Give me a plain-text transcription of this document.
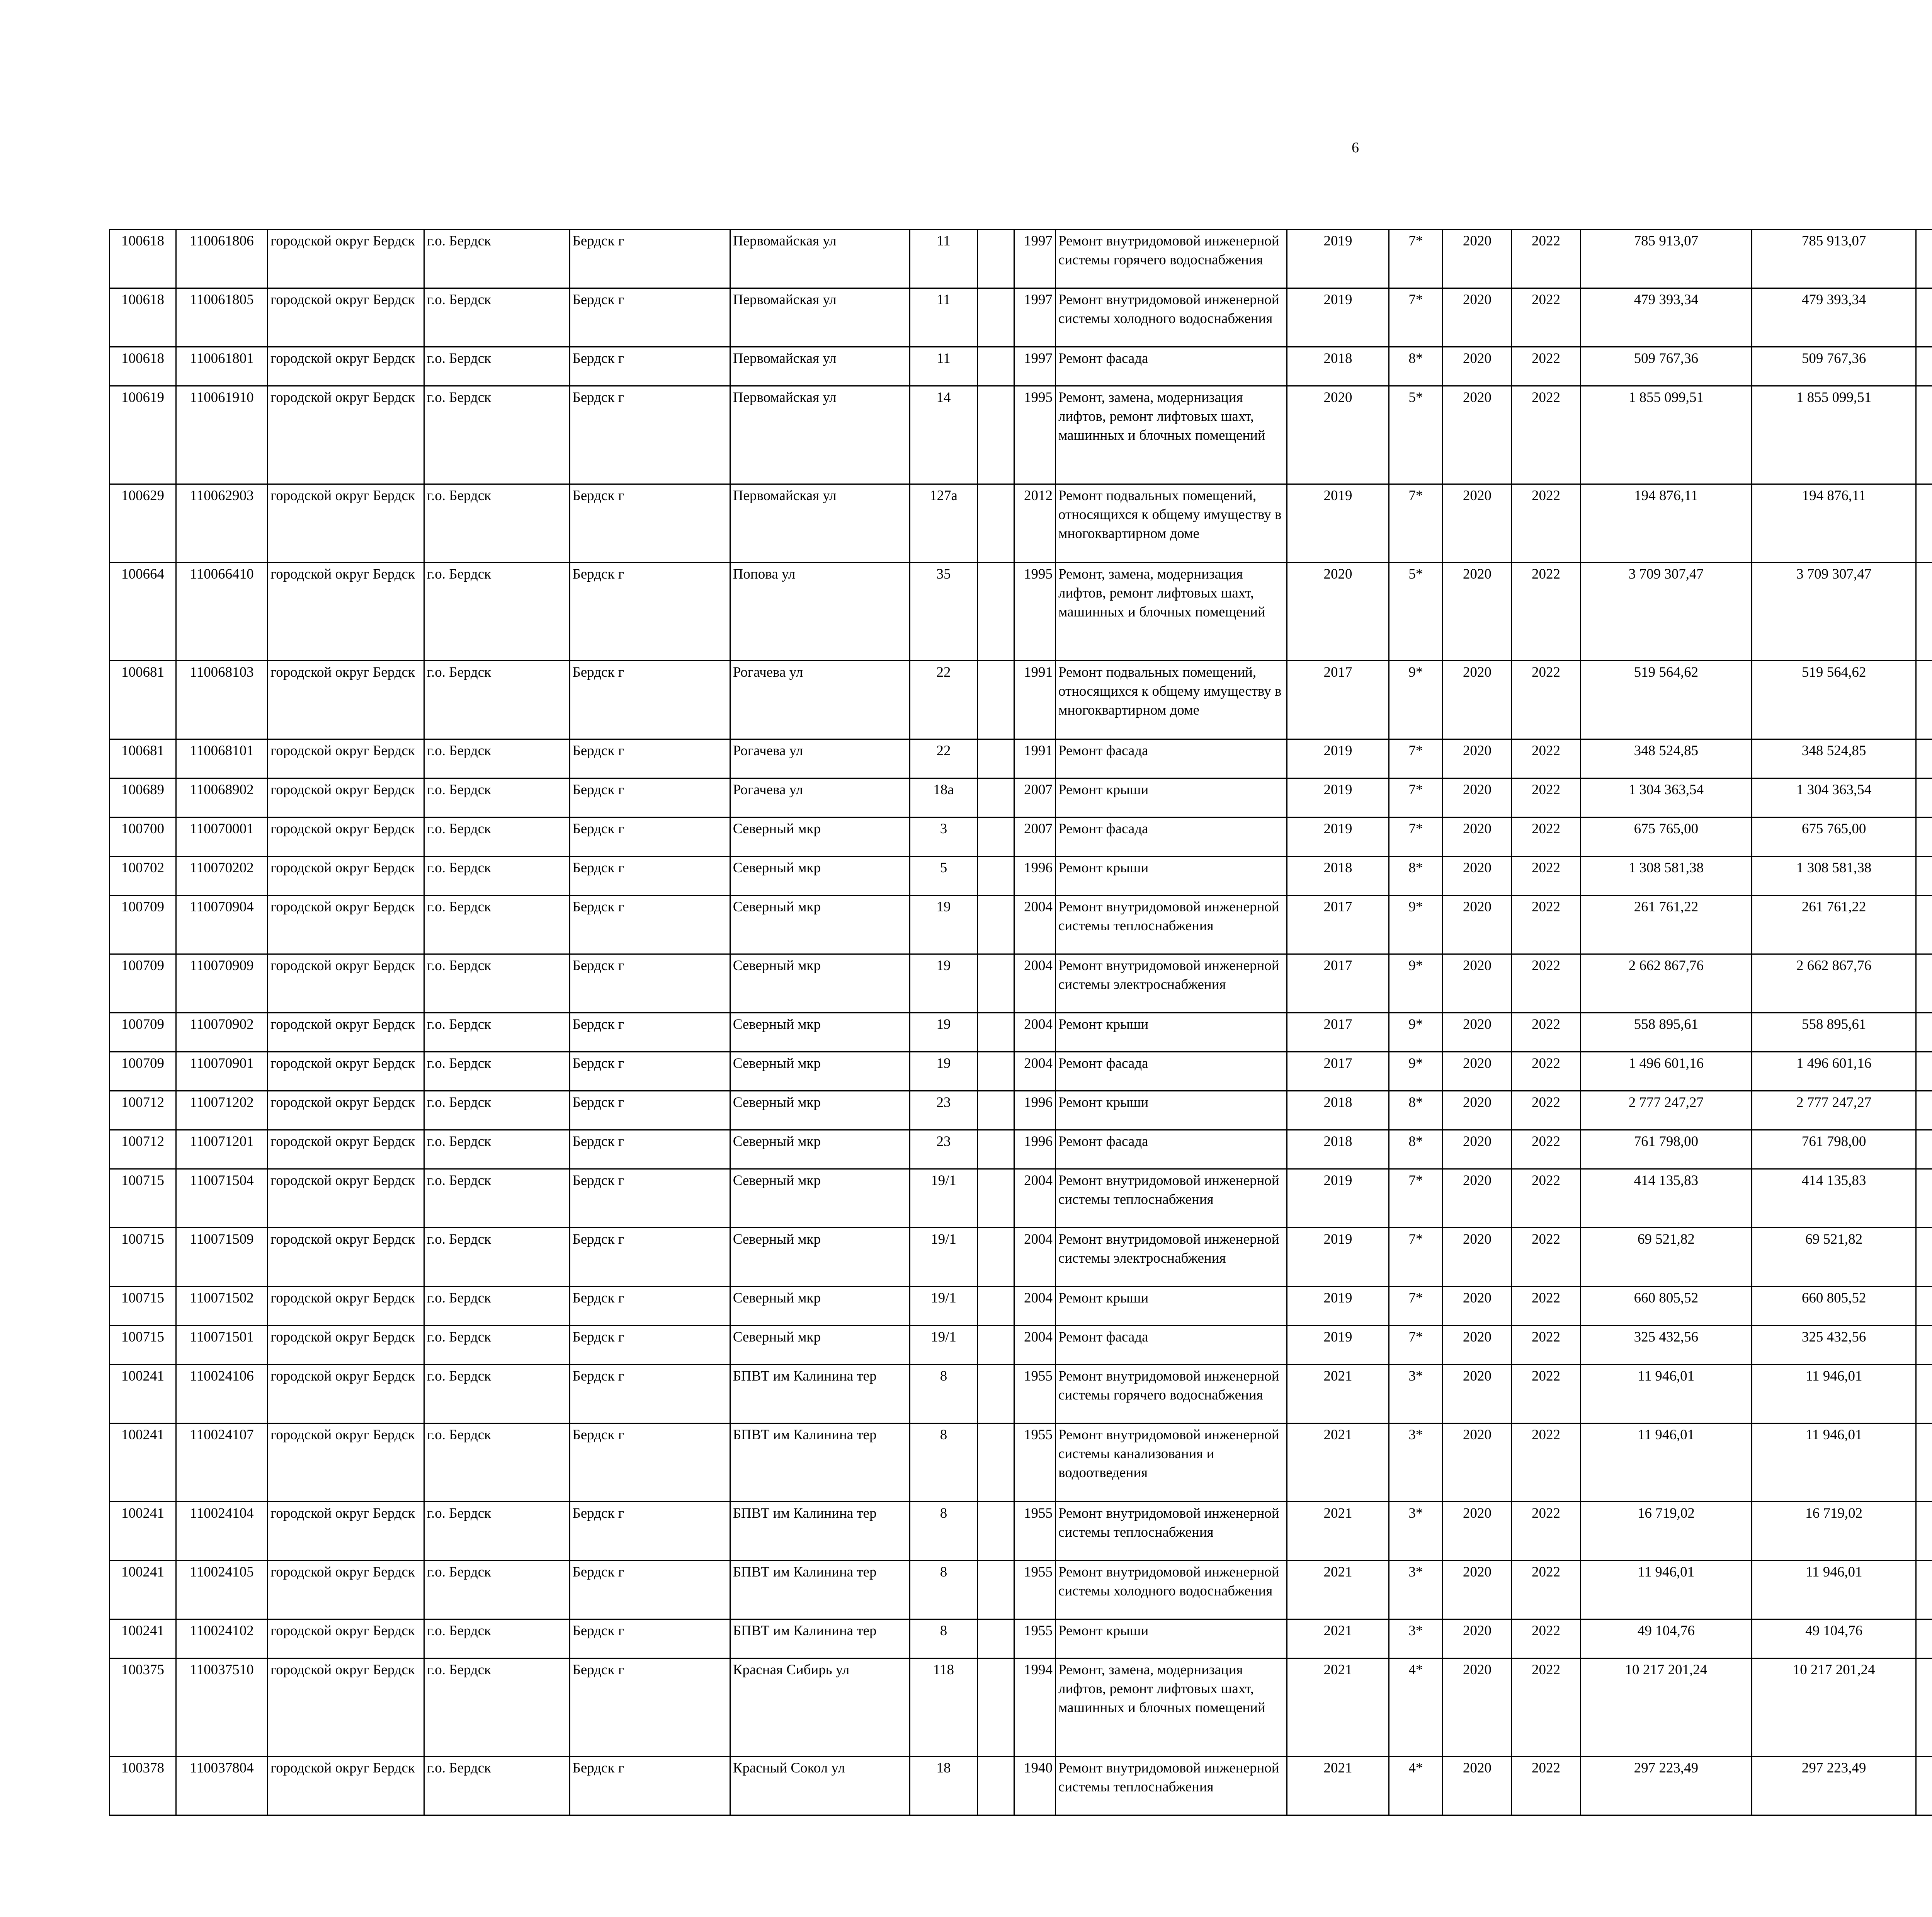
6
100618	110061806	городской округ Бердск	г.о. Бердск	Бердск г	Первомайская ул	11		1997	Ремонт внутридомовой инженерной системы горячего водоснабжения	2019	7*	2020	2022	785 913,07	785 913,07						
100618	110061805	городской округ Бердск	г.о. Бердск	Бердск г	Первомайская ул	11		1997	Ремонт внутридомовой инженерной системы холодного водоснабжения	2019	7*	2020	2022	479 393,34	479 393,34						
100618	110061801	городской округ Бердск	г.о. Бердск	Бердск г	Первомайская ул	11		1997	Ремонт фасада	2018	8*	2020	2022	509 767,36	509 767,36						
100619	110061910	городской округ Бердск	г.о. Бердск	Бердск г	Первомайская ул	14		1995	Ремонт, замена, модернизация лифтов, ремонт лифтовых шахт, машинных и блочных помещений	2020	5*	2020	2022	1 855 099,51	1 855 099,51						
100629	110062903	городской округ Бердск	г.о. Бердск	Бердск г	Первомайская ул	127а		2012	Ремонт подвальных помещений, относящихся к общему имуществу в многоквартирном доме	2019	7*	2020	2022	194 876,11	194 876,11						
100664	110066410	городской округ Бердск	г.о. Бердск	Бердск г	Попова ул	35		1995	Ремонт, замена, модернизация лифтов, ремонт лифтовых шахт, машинных и блочных помещений	2020	5*	2020	2022	3 709 307,47	3 709 307,47						
100681	110068103	городской округ Бердск	г.о. Бердск	Бердск г	Рогачева ул	22		1991	Ремонт подвальных помещений, относящихся к общему имуществу в многоквартирном доме	2017	9*	2020	2022	519 564,62	519 564,62						
100681	110068101	городской округ Бердск	г.о. Бердск	Бердск г	Рогачева ул	22		1991	Ремонт фасада	2019	7*	2020	2022	348 524,85	348 524,85						
100689	110068902	городской округ Бердск	г.о. Бердск	Бердск г	Рогачева ул	18а		2007	Ремонт крыши	2019	7*	2020	2022	1 304 363,54	1 304 363,54						
100700	110070001	городской округ Бердск	г.о. Бердск	Бердск г	Северный мкр	3		2007	Ремонт фасада	2019	7*	2020	2022	675 765,00	675 765,00						
100702	110070202	городской округ Бердск	г.о. Бердск	Бердск г	Северный мкр	5		1996	Ремонт крыши	2018	8*	2020	2022	1 308 581,38	1 308 581,38						
100709	110070904	городской округ Бердск	г.о. Бердск	Бердск г	Северный мкр	19		2004	Ремонт внутридомовой инженерной системы теплоснабжения	2017	9*	2020	2022	261 761,22	261 761,22						
100709	110070909	городской округ Бердск	г.о. Бердск	Бердск г	Северный мкр	19		2004	Ремонт внутридомовой инженерной системы электроснабжения	2017	9*	2020	2022	2 662 867,76	2 662 867,76						
100709	110070902	городской округ Бердск	г.о. Бердск	Бердск г	Северный мкр	19		2004	Ремонт крыши	2017	9*	2020	2022	558 895,61	558 895,61						
100709	110070901	городской округ Бердск	г.о. Бердск	Бердск г	Северный мкр	19		2004	Ремонт фасада	2017	9*	2020	2022	1 496 601,16	1 496 601,16						
100712	110071202	городской округ Бердск	г.о. Бердск	Бердск г	Северный мкр	23		1996	Ремонт крыши	2018	8*	2020	2022	2 777 247,27	2 777 247,27						
100712	110071201	городской округ Бердск	г.о. Бердск	Бердск г	Северный мкр	23		1996	Ремонт фасада	2018	8*	2020	2022	761 798,00	761 798,00						
100715	110071504	городской округ Бердск	г.о. Бердск	Бердск г	Северный мкр	19/1		2004	Ремонт внутридомовой инженерной системы теплоснабжения	2019	7*	2020	2022	414 135,83	414 135,83						
100715	110071509	городской округ Бердск	г.о. Бердск	Бердск г	Северный мкр	19/1		2004	Ремонт внутридомовой инженерной системы электроснабжения	2019	7*	2020	2022	69 521,82	69 521,82						
100715	110071502	городской округ Бердск	г.о. Бердск	Бердск г	Северный мкр	19/1		2004	Ремонт крыши	2019	7*	2020	2022	660 805,52	660 805,52						
100715	110071501	городской округ Бердск	г.о. Бердск	Бердск г	Северный мкр	19/1		2004	Ремонт фасада	2019	7*	2020	2022	325 432,56	325 432,56						
100241	110024106	городской округ Бердск	г.о. Бердск	Бердск г	БПВТ им Калинина тер	8		1955	Ремонт внутридомовой инженерной системы горячего водоснабжения	2021	3*	2020	2022	11 946,01	11 946,01						
100241	110024107	городской округ Бердск	г.о. Бердск	Бердск г	БПВТ им Калинина тер	8		1955	Ремонт внутридомовой инженерной системы канализования и водоотведения	2021	3*	2020	2022	11 946,01	11 946,01						
100241	110024104	городской округ Бердск	г.о. Бердск	Бердск г	БПВТ им Калинина тер	8		1955	Ремонт внутридомовой инженерной системы теплоснабжения	2021	3*	2020	2022	16 719,02	16 719,02						
100241	110024105	городской округ Бердск	г.о. Бердск	Бердск г	БПВТ им Калинина тер	8		1955	Ремонт внутридомовой инженерной системы холодного водоснабжения	2021	3*	2020	2022	11 946,01	11 946,01						
100241	110024102	городской округ Бердск	г.о. Бердск	Бердск г	БПВТ им Калинина тер	8		1955	Ремонт крыши	2021	3*	2020	2022	49 104,76	49 104,76						
100375	110037510	городской округ Бердск	г.о. Бердск	Бердск г	Красная Сибирь ул	118		1994	Ремонт, замена, модернизация лифтов, ремонт лифтовых шахт, машинных и блочных помещений	2021	4*	2020	2022	10 217 201,24	10 217 201,24						
100378	110037804	городской округ Бердск	г.о. Бердск	Бердск г	Красный Сокол ул	18		1940	Ремонт внутридомовой инженерной системы теплоснабжения	2021	4*	2020	2022	297 223,49	297 223,49						
